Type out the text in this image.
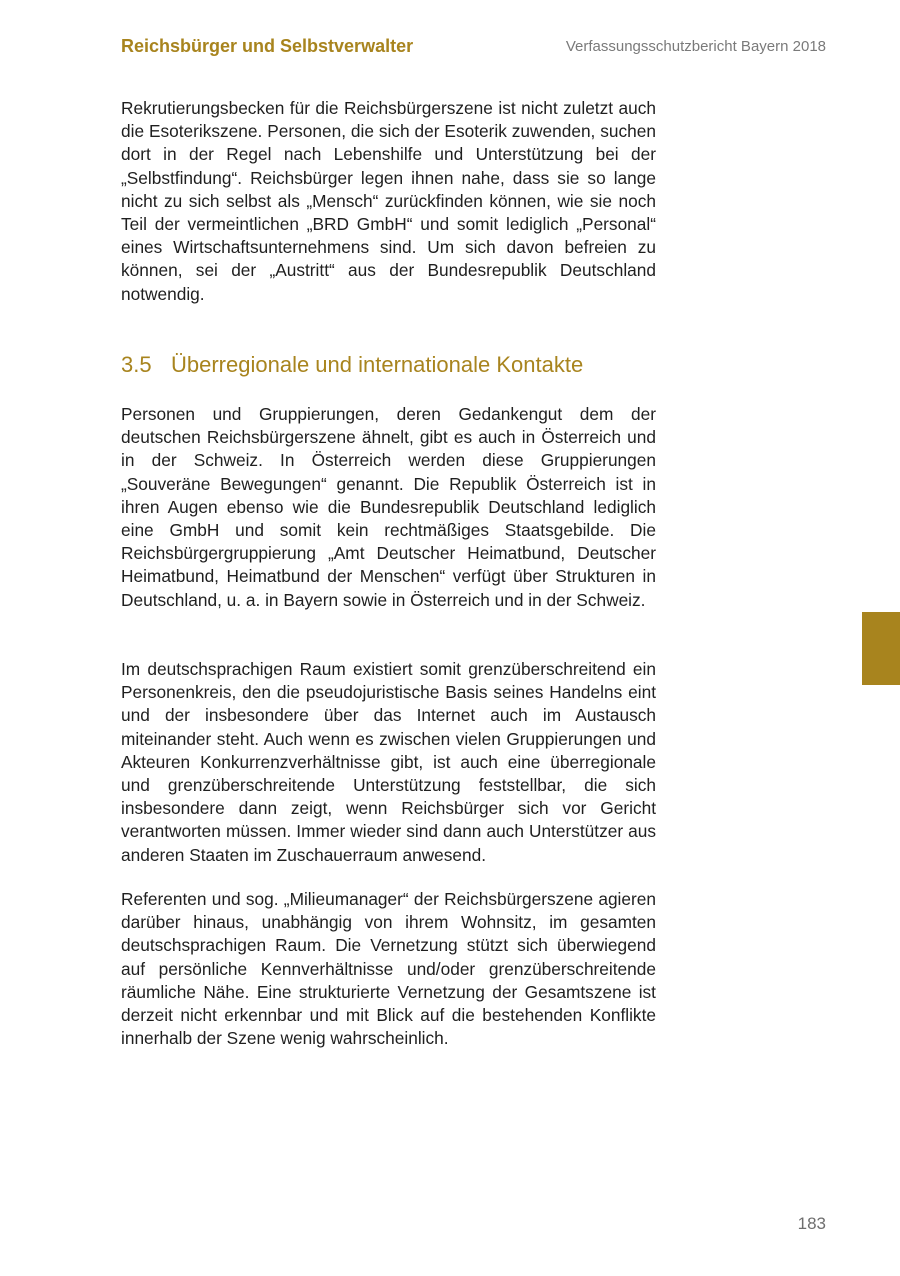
Reichsbürger und Selbstverwalter	Verfassungsschutzbericht Bayern 2018

Rekrutierungsbecken für die Reichsbürgerszene ist nicht zuletzt auch die Esoterikszene. Personen, die sich der Esoterik zuwenden, suchen dort in der Regel nach Lebenshilfe und Unterstützung bei der „Selbstfindung“. Reichsbürger legen ihnen nahe, dass sie so lange nicht zu sich selbst als „Mensch“ zurückfinden können, wie sie noch Teil der vermeintlichen „BRD GmbH“ und somit lediglich „Personal“ eines Wirtschaftsunternehmens sind. Um sich davon befreien zu können, sei der „Austritt“ aus der Bundesrepublik Deutschland notwendig.

3.5 Überregionale und internationale Kontakte

Personen und Gruppierungen, deren Gedankengut dem der deutschen Reichsbürgerszene ähnelt, gibt es auch in Österreich und in der Schweiz. In Österreich werden diese Gruppierungen „Souveräne Bewegungen“ genannt. Die Republik Österreich ist in ihren Augen ebenso wie die Bundesrepublik Deutschland lediglich eine GmbH und somit kein rechtmäßiges Staatsgebilde. Die Reichsbürgergruppierung „Amt Deutscher Heimatbund, Deutscher Heimatbund, Heimatbund der Menschen“ verfügt über Strukturen in Deutschland, u. a. in Bayern sowie in Österreich und in der Schweiz.

Im deutschsprachigen Raum existiert somit grenzüberschreitend ein Personenkreis, den die pseudojuristische Basis seines Handelns eint und der insbesondere über das Internet auch im Austausch miteinander steht. Auch wenn es zwischen vielen Gruppierungen und Akteuren Konkurrenzverhältnisse gibt, ist auch eine überregionale und grenzüberschreitende Unterstützung feststellbar, die sich insbesondere dann zeigt, wenn Reichsbürger sich vor Gericht verantworten müssen. Immer wieder sind dann auch Unterstützer aus anderen Staaten im Zuschauerraum anwesend.

Referenten und sog. „Milieumanager“ der Reichsbürgerszene agieren darüber hinaus, unabhängig von ihrem Wohnsitz, im gesamten deutschsprachigen Raum. Die Vernetzung stützt sich überwiegend auf persönliche Kennverhältnisse und/oder grenzüberschreitende räumliche Nähe. Eine strukturierte Vernetzung der Gesamtszene ist derzeit nicht erkennbar und mit Blick auf die bestehenden Konflikte innerhalb der Szene wenig wahrscheinlich.

183
